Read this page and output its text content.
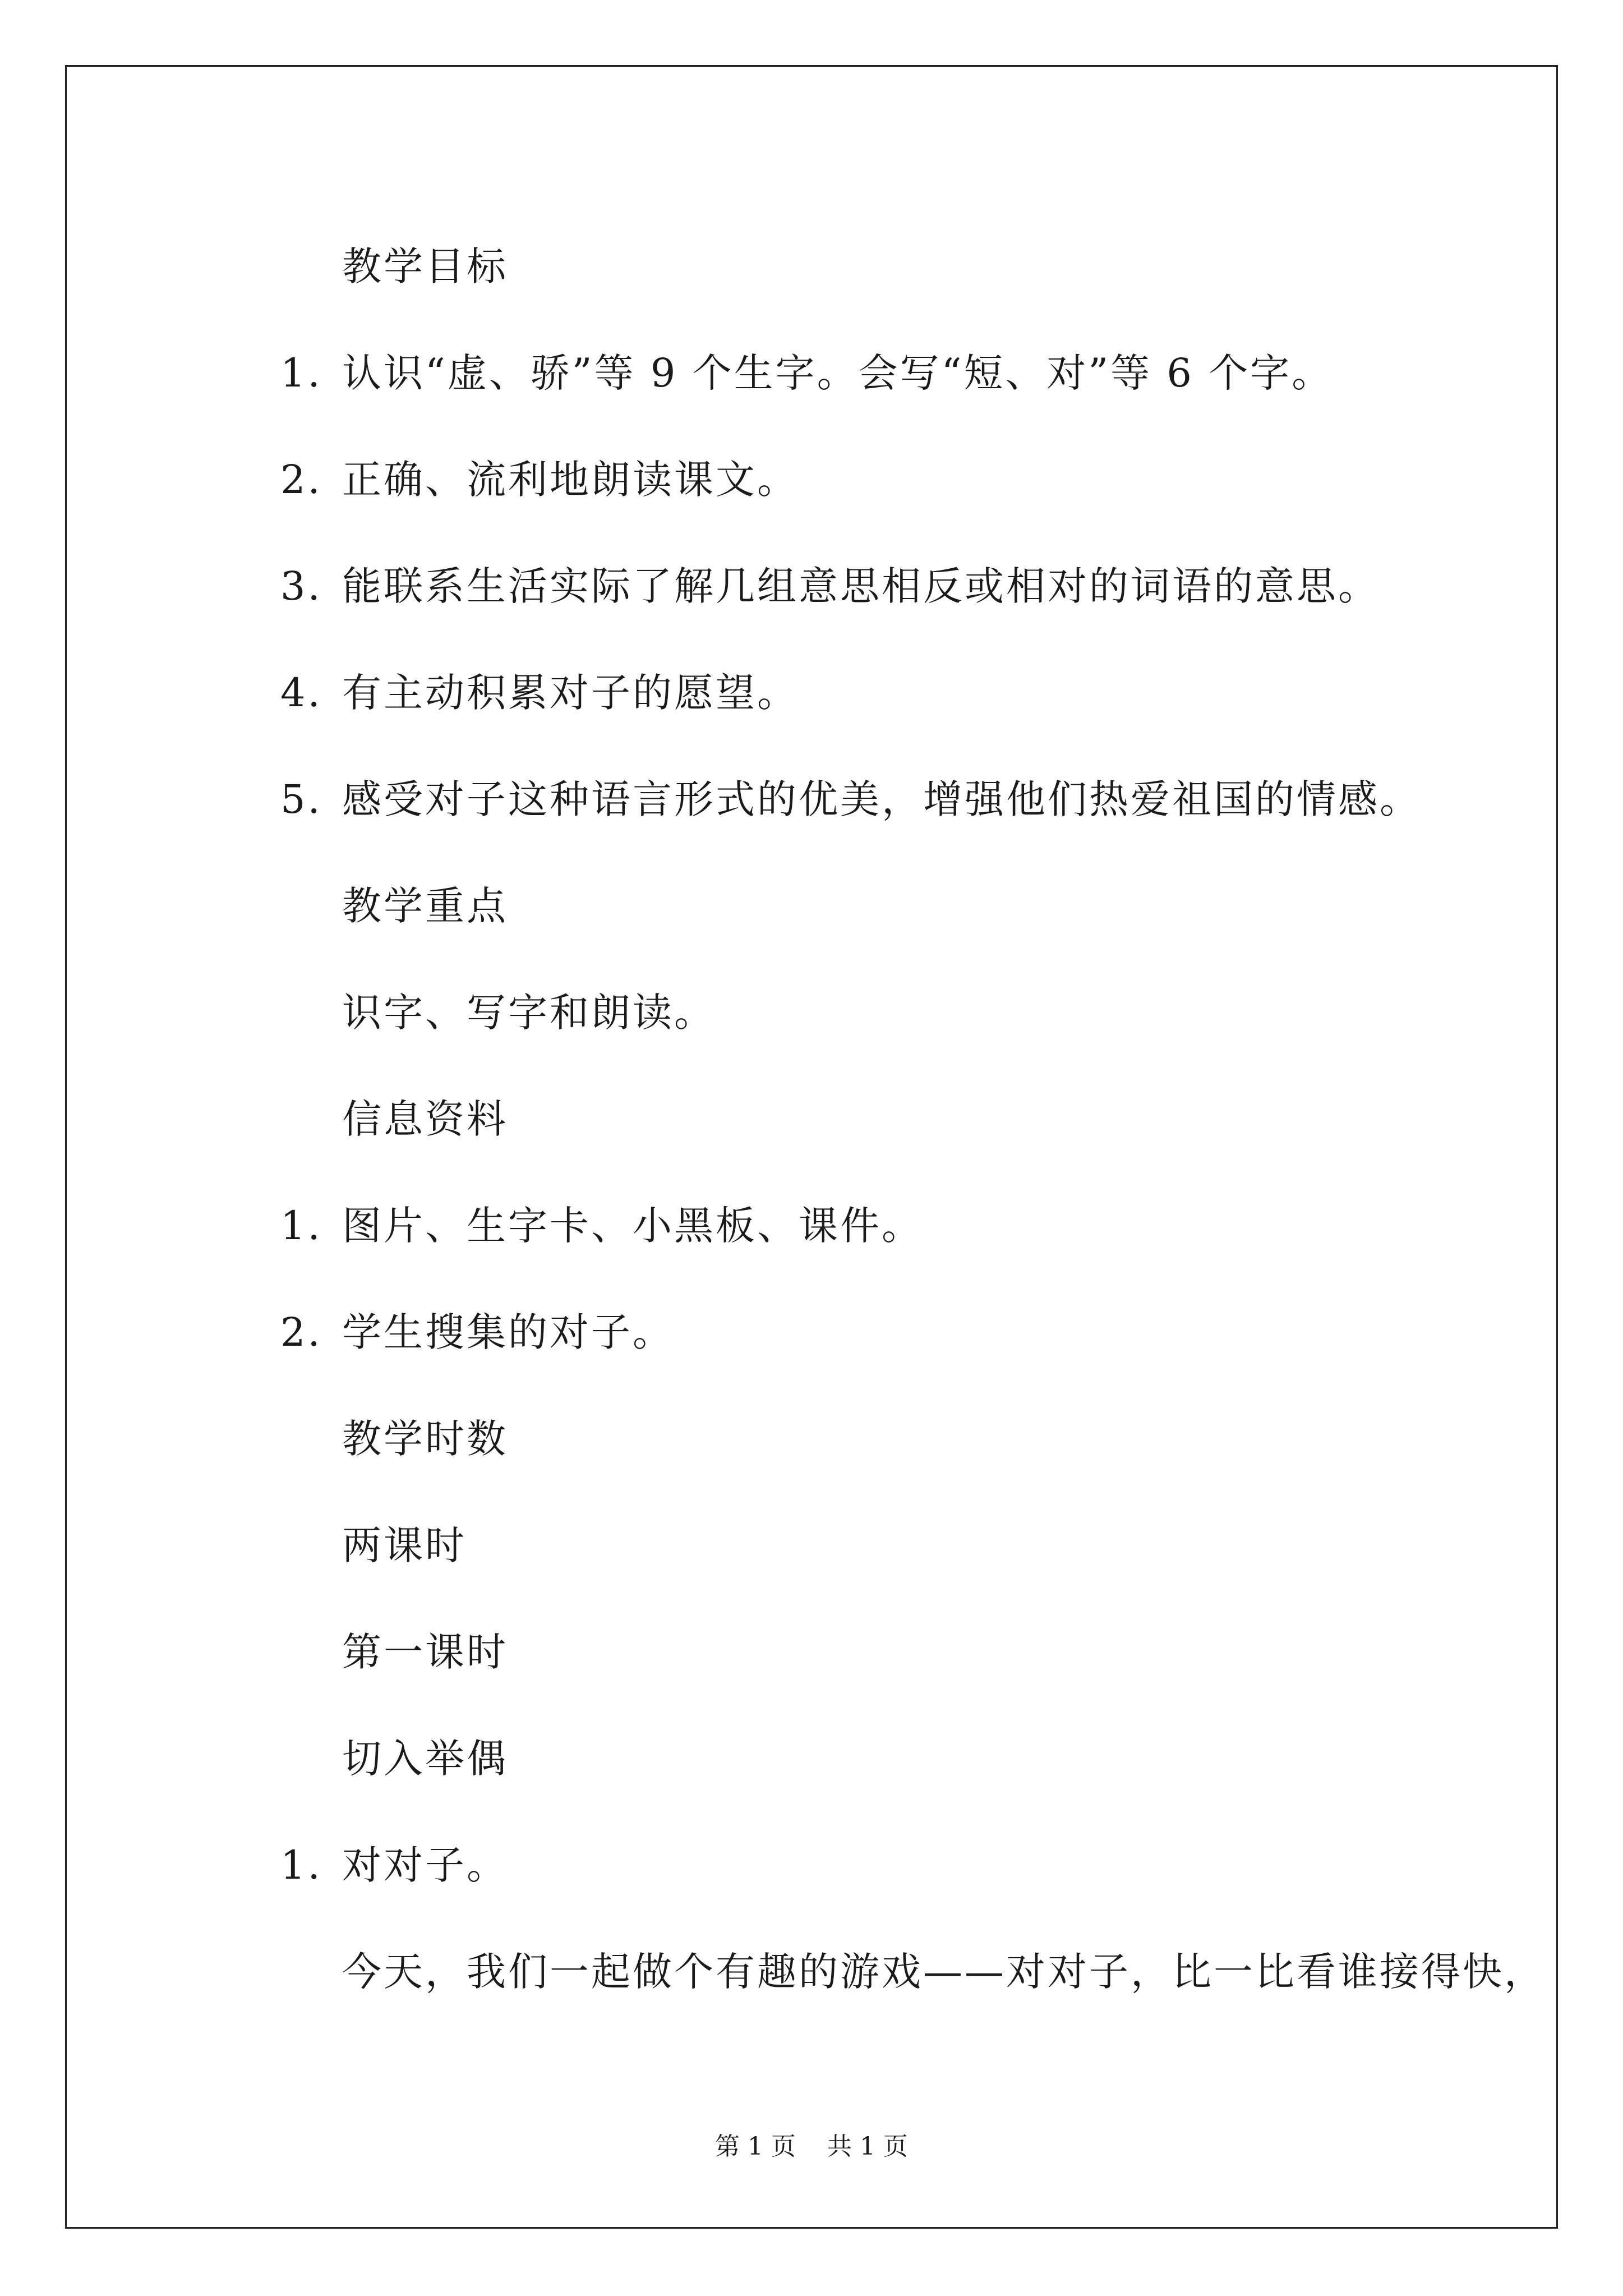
教学目标
1. 认识“虚、骄”等 9 个生字。会写“短、对”等 6 个字。
2. 正确、流利地朗读课文。
3. 能联系生活实际了解几组意思相反或相对的词语的意思。
4. 有主动积累对子的愿望。
5. 感受对子这种语言形式的优美，增强他们热爱祖国的情感。
教学重点
识字、写字和朗读。
信息资料
1. 图片、生字卡、小黑板、课件。
2. 学生搜集的对子。
教学时数
两课时
第一课时
切入举偶
1. 对对子。
今天，我们一起做个有趣的游戏——对对子，比一比看谁接得快，
第 1 页    共 1 页
